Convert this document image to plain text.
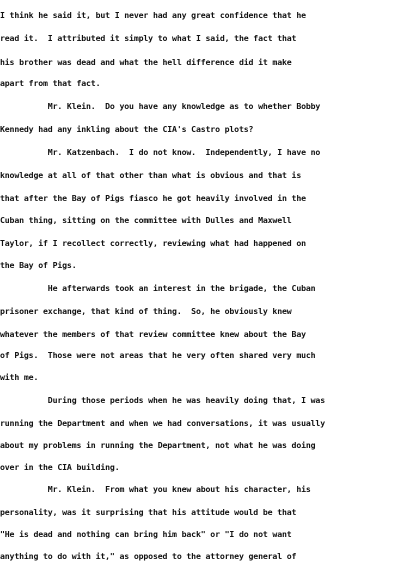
I think he said it, but I never had any great confidence that he
read it.  I attributed it simply to what I said, the fact that
his brother was dead and what the hell difference did it make
apart from that fact.
Mr. Klein.  Do you have any knowledge as to whether Bobby
Kennedy had any inkling about the CIA's Castro plots?
Mr. Katzenbach.  I do not know.  Independently, I have no
knowledge at all of that other than what is obvious and that is
that after the Bay of Pigs fiasco he got heavily involved in the
Cuban thing, sitting on the committee with Dulles and Maxwell
Taylor, if I recollect correctly, reviewing what had happened on
the Bay of Pigs.
He afterwards took an interest in the brigade, the Cuban
prisoner exchange, that kind of thing.  So, he obviously knew
whatever the members of that review committee knew about the Bay
of Pigs.  Those were not areas that he very often shared very much
with me.
During those periods when he was heavily doing that, I was
running the Department and when we had conversations, it was usually
about my problems in running the Department, not what he was doing
over in the CIA building.
Mr. Klein.  From what you knew about his character, his
personality, was it surprising that his attitude would be that
"He is dead and nothing can bring him back" or "I do not want
anything to do with it," as opposed to the attorney general of
